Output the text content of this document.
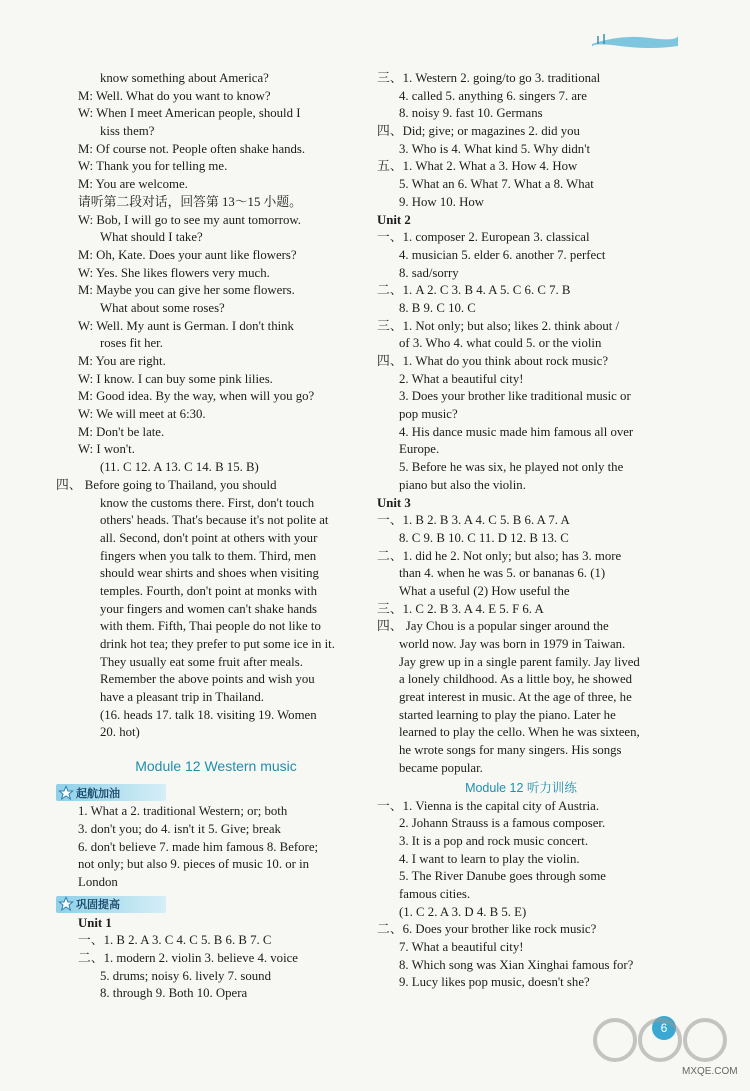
know something about America?
M: Well. What do you want to know?
W: When I meet American people, should I
kiss them?
M: Of course not. People often shake hands.
W: Thank you for telling me.
M: You are welcome.
请听第二段对话，回答第 13～15 小题。
W: Bob, I will go to see my aunt tomorrow.
What should I take?
M: Oh, Kate. Does your aunt like flowers?
W: Yes. She likes flowers very much.
M: Maybe you can give her some flowers.
What about some roses?
W: Well. My aunt is German. I don't think
roses fit her.
M: You are right.
W: I know. I can buy some pink lilies.
M: Good idea. By the way, when will you go?
W: We will meet at 6:30.
M: Don't be late.
W: I won't.
(11. C 12. A 13. C 14. B 15. B)
四、 Before going to Thailand, you should
know the customs there. First, don't touch
others' heads. That's because it's not polite at
all. Second, don't point at others with your
fingers when you talk to them. Third, men
should wear shirts and shoes when visiting
temples. Fourth, don't point at monks with
your fingers and women can't shake hands
with them. Fifth, Thai people do not like to
drink hot tea; they prefer to put some ice in it.
They usually eat some fruit after meals.
Remember the above points and wish you
have a pleasant trip in Thailand.
(16. heads 17. talk 18. visiting 19. Women
20. hot)
Module 12 Western music
起航加油
1. What a 2. traditional Western; or; both
3. don't you; do 4. isn't it 5. Give; break
6. don't believe 7. made him famous 8. Before;
not only; but also 9. pieces of music 10. or in
London
巩固提高
Unit 1
一、1. B 2. A 3. C 4. C 5. B 6. B 7. C
二、1. modern 2. violin 3. believe 4. voice
5. drums; noisy 6. lively 7. sound
8. through 9. Both 10. Opera
三、1. Western 2. going/to go 3. traditional
4. called 5. anything 6. singers 7. are
8. noisy 9. fast 10. Germans
四、Did; give; or magazines 2. did you
3. Who is 4. What kind 5. Why didn't
五、1. What 2. What a 3. How 4. How
5. What an 6. What 7. What a 8. What
9. How 10. How
Unit 2
一、1. composer 2. European 3. classical
4. musician 5. elder 6. another 7. perfect
8. sad/sorry
二、1. A 2. C 3. B 4. A 5. C 6. C 7. B
8. B 9. C 10. C
三、1. Not only; but also; likes 2. think about /
of 3. Who 4. what could 5. or the violin
四、1. What do you think about rock music?
2. What a beautiful city!
3. Does your brother like traditional music or
pop music?
4. His dance music made him famous all over
Europe.
5. Before he was six, he played not only the
piano but also the violin.
Unit 3
一、1. B 2. B 3. A 4. C 5. B 6. A 7. A
8. C 9. B 10. C 11. D 12. B 13. C
二、1. did he 2. Not only; but also; has 3. more
than 4. when he was 5. or bananas 6. (1)
What a useful (2) How useful the
三、1. C 2. B 3. A 4. E 5. F 6. A
四、 Jay Chou is a popular singer around the
world now. Jay was born in 1979 in Taiwan.
Jay grew up in a single parent family. Jay lived
a lonely childhood. As a little boy, he showed
great interest in music. At the age of three, he
started learning to play the piano. Later he
learned to play the cello. When he was sixteen,
he wrote songs for many singers. His songs
became popular.
Module 12 听力训练
一、1. Vienna is the capital city of Austria.
2. Johann Strauss is a famous composer.
3. It is a pop and rock music concert.
4. I want to learn to play the violin.
5. The River Danube goes through some
famous cities.
(1. C 2. A 3. D 4. B 5. E)
二、6. Does your brother like rock music?
7. What a beautiful city!
8. Which song was Xian Xinghai famous for?
9. Lucy likes pop music, doesn't she?
6
MXQE.COM
